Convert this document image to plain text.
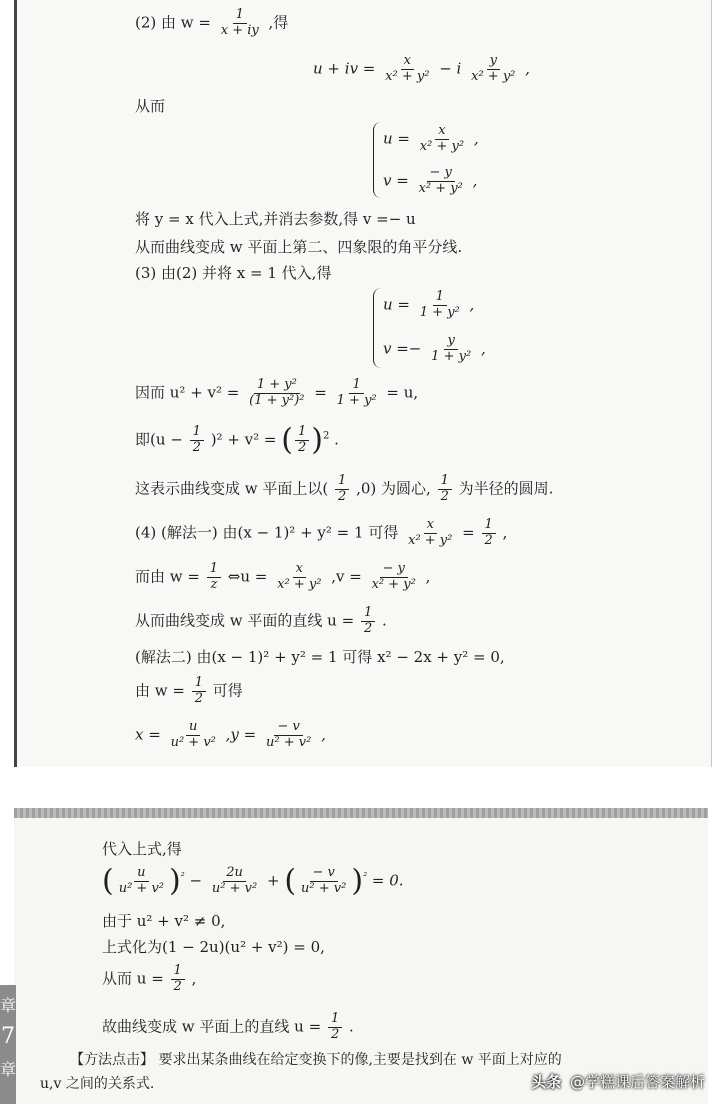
(2) 由 $w = \frac{1}{x + iy}$ ,得
u + iv = $\frac{x}{\text{x² + y²}} - i \frac{y}{\text{x² + y²}}$ ,
从而
$u = \frac{x}{\text{x² + y²}}$ ,
$v = \frac{- y}{\text{x² + y²}}$ ,
将 y = x 代入上式,并消去参数,得 v =− u
从而曲线变成 w 平面上第二、四象限的角平分线.
(3) 由(2) 并将 x = 1 代入,得
$u = \frac{1}{\text{1 + y²}}$ ,
$v =- \frac{y}{\text{1 + y²}}$ ,
因而 $u^2 + v^2 = \frac{\text{1 + y²}}{\text{(1 + y²)²}} = \frac{1}{\text{1 + y²}} = u$,
即$(u - \frac{1}{2} )^2 + v^2$ = ( $\frac{1}{2} )^2$ .
这表示曲线变成 w 平面上以( $\frac{1}{2} ,0$) 为圆心, $\frac{1}{2}$ 为半径的圆周.
(4) (解法一) 由(x − 1)² + y² = 1 可得 $\frac{x}{\text{x² + y²}} = \frac{1}{2}$ ,
而由 $w = \frac{1}{z}$ ⇔u = $\frac{x}{\text{x² + y²}} ,v = \frac{- y}{\text{x² + y²}}$ ,
从而曲线变成 w 平面的直线 $u = \frac{1}{2}$ .
(解法二) 由(x − 1)² + y² = 1 可得 x² − 2x + y² = 0,
由 $w = \frac{1}{2}$ 可得
$x = \frac{u}{\text{u² + v²}} ,y = \frac{- v}{\text{u² + v²}}$ ,
代入上式,得
( $\frac{u}{\text{u² + v²}} )^{^2} - \frac{2u}{\text{u² + v²}}$ + ( $\frac{- v}{\text{u² + v²}} )^{^2} = 0$.
由于 u² + v² ≠ 0,
上式化为(1 − 2u)(u² + v²) = 0,
从而 $u = \frac{1}{2}$ ,
故曲线变成 w 平面上的直线 $u = \frac{1}{2}$ .
【方法点击】 要求出某条曲线在给定变换下的像,主要是找到在 w 平面上对应的
u,v 之间的关系式.
章
7
章
头条 @学糕课后答案解析
